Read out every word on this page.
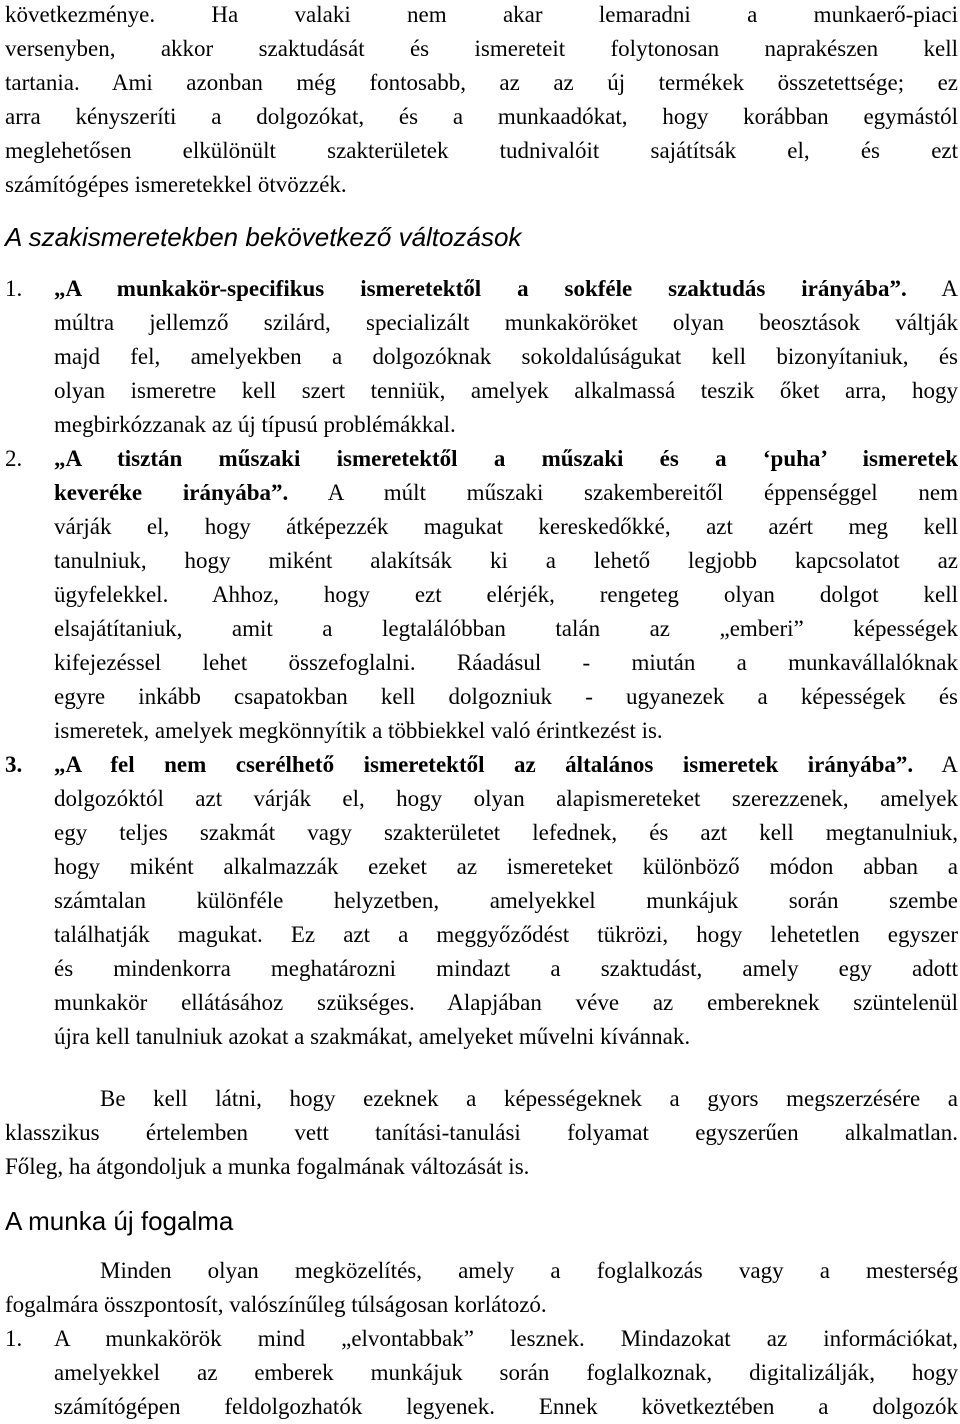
következménye. Ha valaki nem akar lemaradni a munkaerő-piaci
versenyben, akkor szaktudását és ismereteit folytonosan naprakészen kell
tartania. Ami azonban még fontosabb, az az új termékek összetettsége; ez
arra kényszeríti a dolgozókat, és a munkaadókat, hogy korábban egymástól
meglehetősen elkülönült szakterületek tudnivalóit sajátítsák el, és ezt
számítógépes ismeretekkel ötvözzék.
A szakismeretekben bekövetkező változások
1. „A munkakör-specifikus ismeretektől a sokféle szaktudás irányába”. A
múltra jellemző szilárd, specializált munkaköröket olyan beosztások váltják
majd fel, amelyekben a dolgozóknak sokoldalúságukat kell bizonyítaniuk, és
olyan ismeretre kell szert tenniük, amelyek alkalmassá teszik őket arra, hogy
megbirkózzanak az új típusú problémákkal.
2. „A tisztán műszaki ismeretektől a műszaki és a ‘puha’ ismeretek
keveréke irányába”. A múlt műszaki szakembereitől éppenséggel nem
várják el, hogy átképezzék magukat kereskedőkké, azt azért meg kell
tanulniuk, hogy miként alakítsák ki a lehető legjobb kapcsolatot az
ügyfelekkel. Ahhoz, hogy ezt elérjék, rengeteg olyan dolgot kell
elsajátítaniuk, amit a legtalálóbban talán az „emberi” képességek
kifejezéssel lehet összefoglalni. Ráadásul - miután a munkavállalóknak
egyre inkább csapatokban kell dolgozniuk - ugyanezek a képességek és
ismeretek, amelyek megkönnyítik a többiekkel való érintkezést is.
3. „A fel nem cserélhető ismeretektől az általános ismeretek irányába”. A
dolgozóktól azt várják el, hogy olyan alapismereteket szerezzenek, amelyek
egy teljes szakmát vagy szakterületet lefednek, és azt kell megtanulniuk,
hogy miként alkalmazzák ezeket az ismereteket különböző módon abban a
számtalan különféle helyzetben, amelyekkel munkájuk során szembe
találhatják magukat. Ez azt a meggyőződést tükrözi, hogy lehetetlen egyszer
és mindenkorra meghatározni mindazt a szaktudást, amely egy adott
munkakör ellátásához szükséges. Alapjában véve az embereknek szüntelenül
újra kell tanulniuk azokat a szakmákat, amelyeket művelni kívánnak.
Be kell látni, hogy ezeknek a képességeknek a gyors megszerzésére a
klasszikus értelemben vett tanítási-tanulási folyamat egyszerűen alkalmatlan.
Főleg, ha átgondoljuk a munka fogalmának változását is.
A munka új fogalma
Minden olyan megközelítés, amely a foglalkozás vagy a mesterség
fogalmára összpontosít, valószínűleg túlságosan korlátozó.
1. A munkakörök mind „elvontabbak” lesznek. Mindazokat az információkat,
amelyekkel az emberek munkájuk során foglalkoznak, digitalizálják, hogy
számítógépen feldolgozhatók legyenek. Ennek következtében a dolgozók
